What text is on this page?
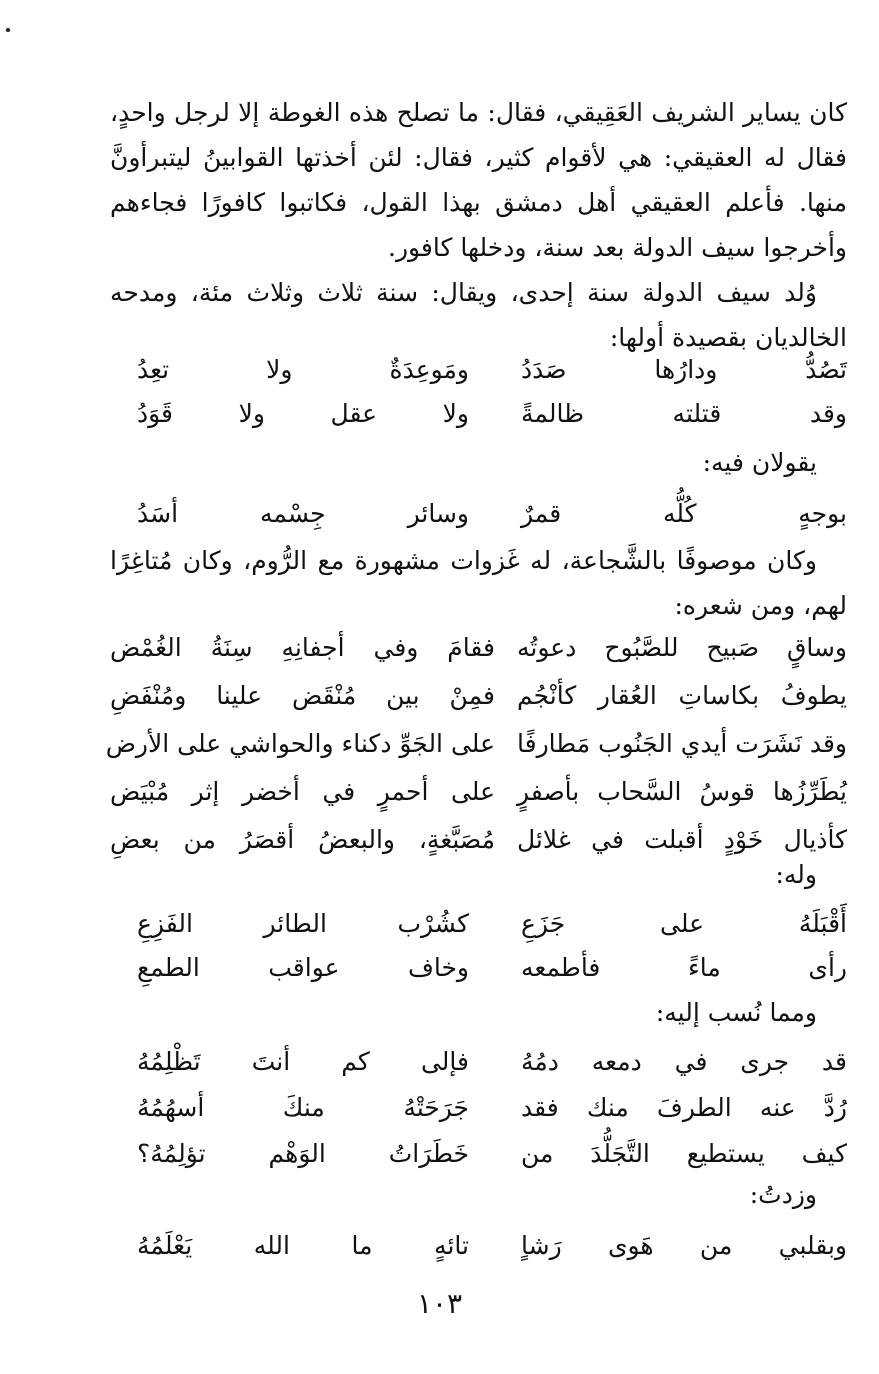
كان يساير الشريف العَقِيقي، فقال: ما تصلح هذه الغوطة إلا لرجل واحدٍ، فقال له العقيقي: هي لأقوام كثير، فقال: لئن أخذتها القوابينُ ليتبرأونَّ منها. فأعلم العقيقي أهل دمشق بهذا القول، فكاتبوا كافورًا فجاءهم وأخرجوا سيف الدولة بعد سنة، ودخلها كافور.

وُلد سيف الدولة سنة إحدى، ويقال: سنة ثلاث وثلاث مئة، ومدحه الخالديان بقصيدة أولها:

تَصُدُّ ودارُها صَدَدُ
ومَوعِدَةٌ ولا تعِدُ
وقد قتلته ظالمةً
ولا عقل ولا قَوَدُ

يقولان فيه:

بوجهٍ كُلُّه قمرٌ
وسائر جِسْمه أسَدُ

وكان موصوفًا بالشَّجاعة، له غَزوات مشهورة مع الرُّوم، وكان مُتاغِرًا لهم، ومن شعره:

وساقٍ صَبيح للصَّبُوح دعوتُه
فقامَ وفي أجفانِهِ سِنَةُ الغُمْض
يطوفُ بكاساتِ العُقار كأنْجُم
فمِنْ بين مُنْقَض علينا ومُنْفَضِ
وقد نَشَرَت أيدي الجَنُوب مَطارفًا
على الجَوِّ دكناء والحواشي على الأرض
يُطَرِّزُها قوسُ السَّحاب بأصفرٍ
على أحمرٍ في أخضر إثر مُبْيَض
كأذيال خَوْدٍ أقبلت في غلائل
مُصَبَّغةٍ، والبعضُ أقصَرُ من بعضِ

وله:

أَقْبَلَهُ على جَزَعِ
كشُرْب الطائر الفَزِعِ
رأى ماءً فأطمعه
وخاف عواقب الطمعِ

ومما نُسب إليه:

قد جرى في دمعه دمُهُ
فإلى كم أنتَ تَظْلِمُهُ
رُدَّ عنه الطرفَ منك فقد
جَرَحَتْهُ منكَ أسهُمُهُ
كيف يستطيع التَّجَلُّدَ من
خَطَرَاتُ الوَهْم تؤلِمُهُ؟

وزدتُ:

وبقلبي من هَوى رَشاٍ
تائهٍ ما الله يَعْلَمُهُ
١٠٣
